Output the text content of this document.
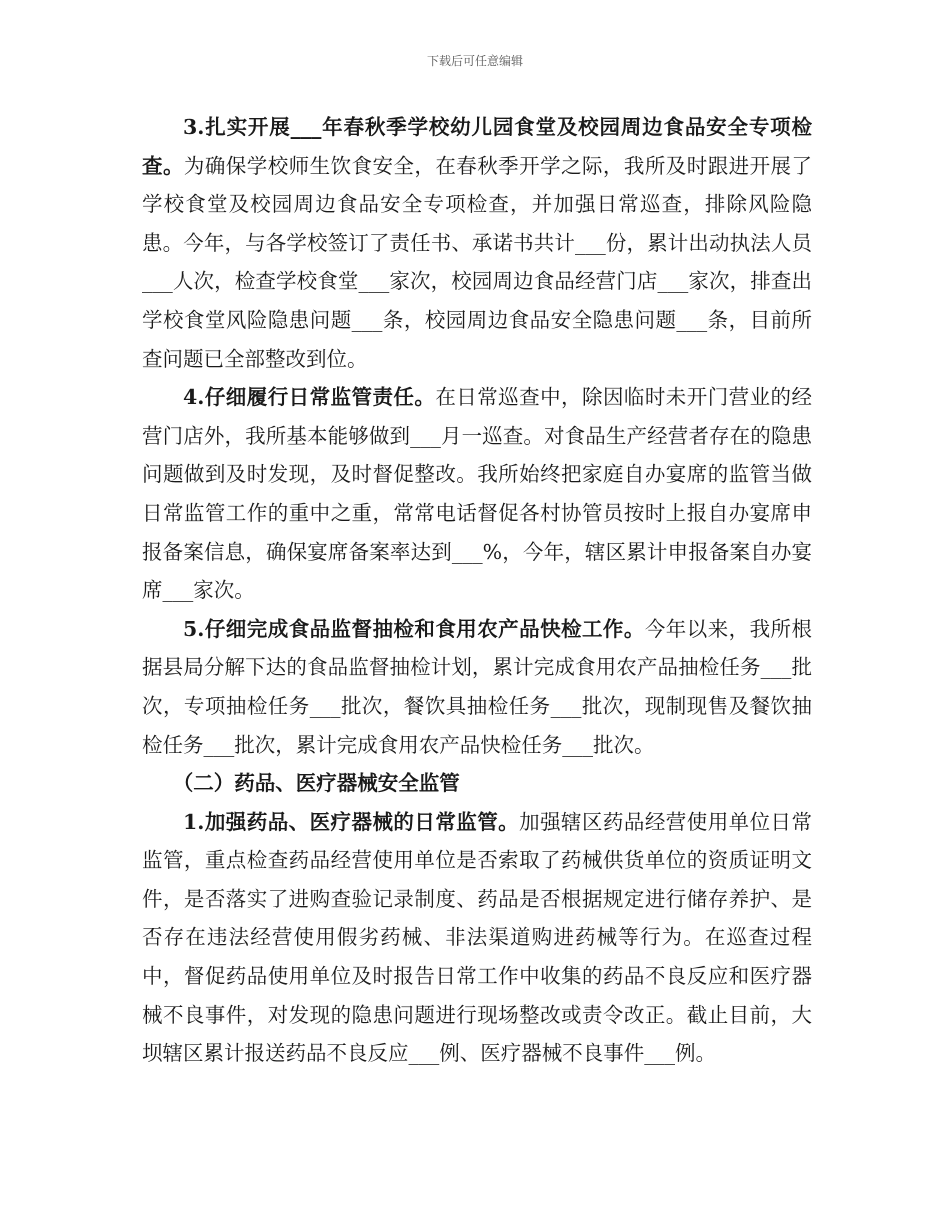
下载后可任意编辑

3.扎实开展___年春秋季学校幼儿园食堂及校园周边食品安全专项检查。为确保学校师生饮食安全，在春秋季开学之际，我所及时跟进开展了学校食堂及校园周边食品安全专项检查，并加强日常巡查，排除风险隐患。今年，与各学校签订了责任书、承诺书共计___份，累计出动执法人员___人次，检查学校食堂___家次，校园周边食品经营门店___家次，排查出学校食堂风险隐患问题___条，校园周边食品安全隐患问题___条，目前所查问题已全部整改到位。

4.仔细履行日常监管责任。在日常巡查中，除因临时未开门营业的经营门店外，我所基本能够做到___月一巡查。对食品生产经营者存在的隐患问题做到及时发现，及时督促整改。我所始终把家庭自办宴席的监管当做日常监管工作的重中之重，常常电话督促各村协管员按时上报自办宴席申报备案信息，确保宴席备案率达到___%，今年，辖区累计申报备案自办宴席___家次。

5.仔细完成食品监督抽检和食用农产品快检工作。今年以来，我所根据县局分解下达的食品监督抽检计划，累计完成食用农产品抽检任务___批次，专项抽检任务___批次，餐饮具抽检任务___批次，现制现售及餐饮抽检任务___批次，累计完成食用农产品快检任务___批次。

（二）药品、医疗器械安全监管

1.加强药品、医疗器械的日常监管。加强辖区药品经营使用单位日常监管，重点检查药品经营使用单位是否索取了药械供货单位的资质证明文件，是否落实了进购查验记录制度、药品是否根据规定进行储存养护、是否存在违法经营使用假劣药械、非法渠道购进药械等行为。在巡查过程中，督促药品使用单位及时报告日常工作中收集的药品不良反应和医疗器械不良事件，对发现的隐患问题进行现场整改或责令改正。截止目前，大坝辖区累计报送药品不良反应___例、医疗器械不良事件___例。
